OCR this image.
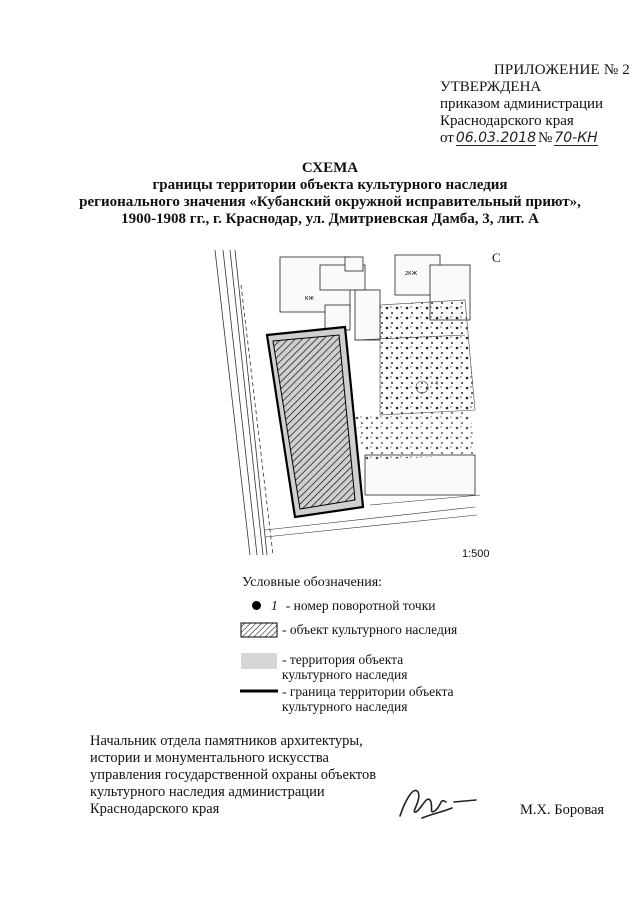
ПРИЛОЖЕНИЕ № 2
УТВЕРЖДЕНА
приказом администрации
Краснодарского края
от 06.03.2018 № 70-КН
СХЕМА
границы территории объекта культурного наследия
регионального значения «Кубанский окружной исправительный приют»,
1900-1908 гг., г. Краснодар, ул. Дмитриевская Дамба, 3, лит. А
КЖ
2КЖ
4
С
1:500
Условные обозначения:
1 - номер поворотной точки
- объект культурного наследия
- территория объекта
культурного наследия
- граница территории объекта
культурного наследия
Начальник отдела памятников архитектуры,
истории и монументального искусства
управления государственной охраны объектов
культурного наследия администрации
Краснодарского края	М.Х. Боровая
